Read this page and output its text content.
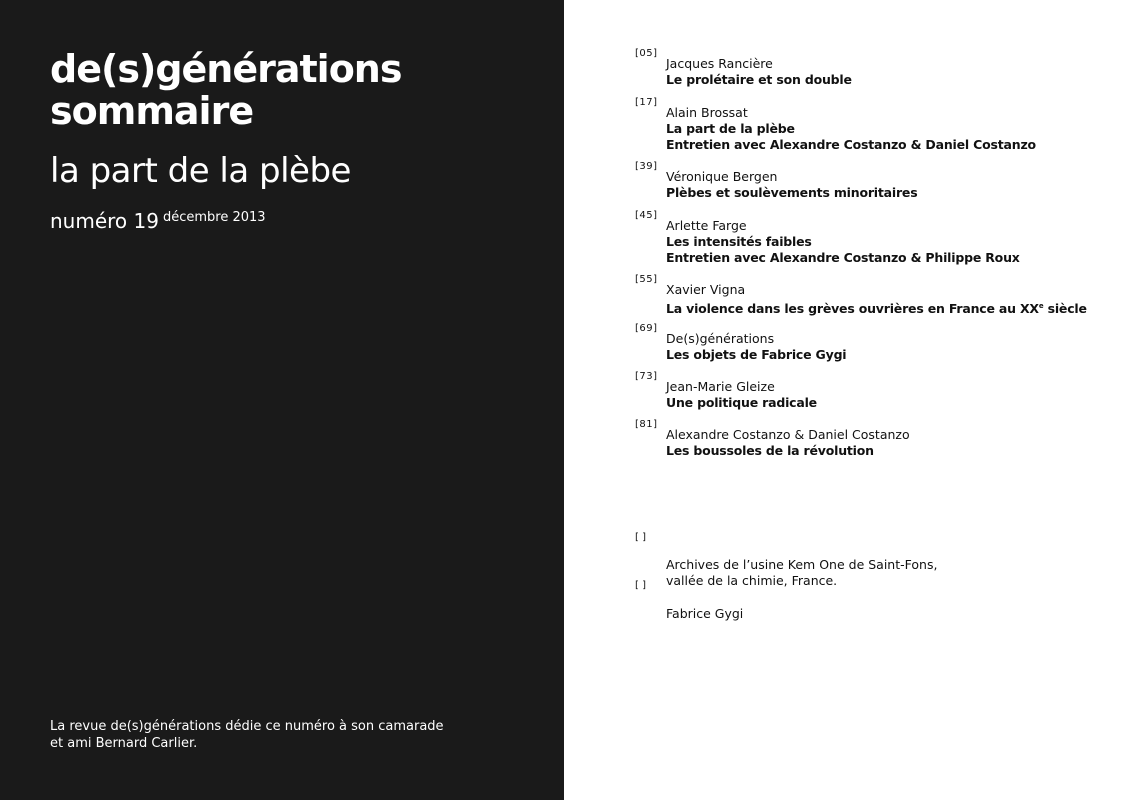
de(s)générations
sommaire
la part de la plèbe
numéro 19 $^{décembre 2013}$
La revue de(s)générations dédie ce numéro à son camarade
et ami Bernard Carlier.
[05]
Jacques Rancière
Le prolétaire et son double
[17]
Alain Brossat
La part de la plèbe
Entretien avec Alexandre Costanzo & Daniel Costanzo
[39]
Véronique Bergen
Plèbes et soulèvements minoritaires
[45]
Arlette Farge
Les intensités faibles
Entretien avec Alexandre Costanzo & Philippe Roux
[55]
Xavier Vigna
La violence dans les grèves ouvrières en France au XXe siècle
[69]
De(s)générations
Les objets de Fabrice Gygi
[73]
Jean-Marie Gleize
Une politique radicale
[81]
Alexandre Costanzo & Daniel Costanzo
Les boussoles de la révolution
[ ]
[ ]
Archives de l’usine Kem One de Saint-Fons,
vallée de la chimie, France.
Fabrice Gygi
